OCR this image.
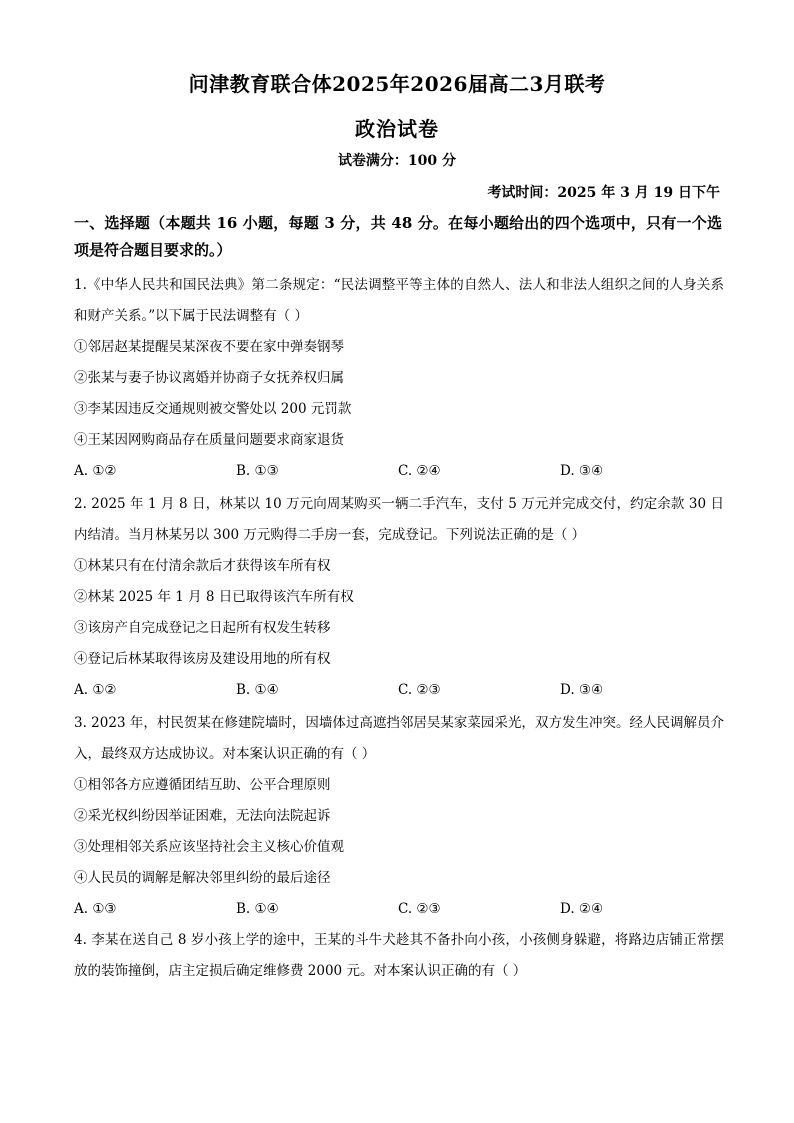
问津教育联合体2025年2026届高二3月联考
政治试卷
试卷满分：100 分
考试时间：2025 年 3 月 19 日下午
一、选择题（本题共 16 小题，每题 3 分，共 48 分。在每小题给出的四个选项中，只有一个选项是符合题目要求的。）

1.《中华人民共和国民法典》第二条规定：“民法调整平等主体的自然人、法人和非法人组织之间的人身关系和财产关系。”以下属于民法调整有（ ）

①邻居赵某提醒吴某深夜不要在家中弹奏钢琴

②张某与妻子协议离婚并协商子女抚养权归属

③李某因违反交通规则被交警处以 200 元罚款

④王某因网购商品存在质量问题要求商家退货

A. ①②	B. ①③	C. ②④	D. ③④

2. 2025 年 1 月 8 日，林某以 10 万元向周某购买一辆二手汽车，支付 5 万元并完成交付，约定余款 30 日内结清。当月林某另以 300 万元购得二手房一套，完成登记。下列说法正确的是（ ）

①林某只有在付清余款后才获得该车所有权

②林某 2025 年 1 月 8 日已取得该汽车所有权

③该房产自完成登记之日起所有权发生转移

④登记后林某取得该房及建设用地的所有权

A. ①②	B. ①④	C. ②③	D. ③④

3. 2023 年，村民贺某在修建院墙时，因墙体过高遮挡邻居吴某家菜园采光，双方发生冲突。经人民调解员介入，最终双方达成协议。对本案认识正确的有（ ）

①相邻各方应遵循团结互助、公平合理原则

②采光权纠纷因举证困难，无法向法院起诉

③处理相邻关系应该坚持社会主义核心价值观

④人民员的调解是解决邻里纠纷的最后途径

A. ①③	B. ①④	C. ②③	D. ②④

4. 李某在送自己 8 岁小孩上学的途中，王某的斗牛犬趁其不备扑向小孩，小孩侧身躲避，将路边店铺正常摆放的装饰撞倒，店主定损后确定维修费 2000 元。对本案认识正确的有（ ）
